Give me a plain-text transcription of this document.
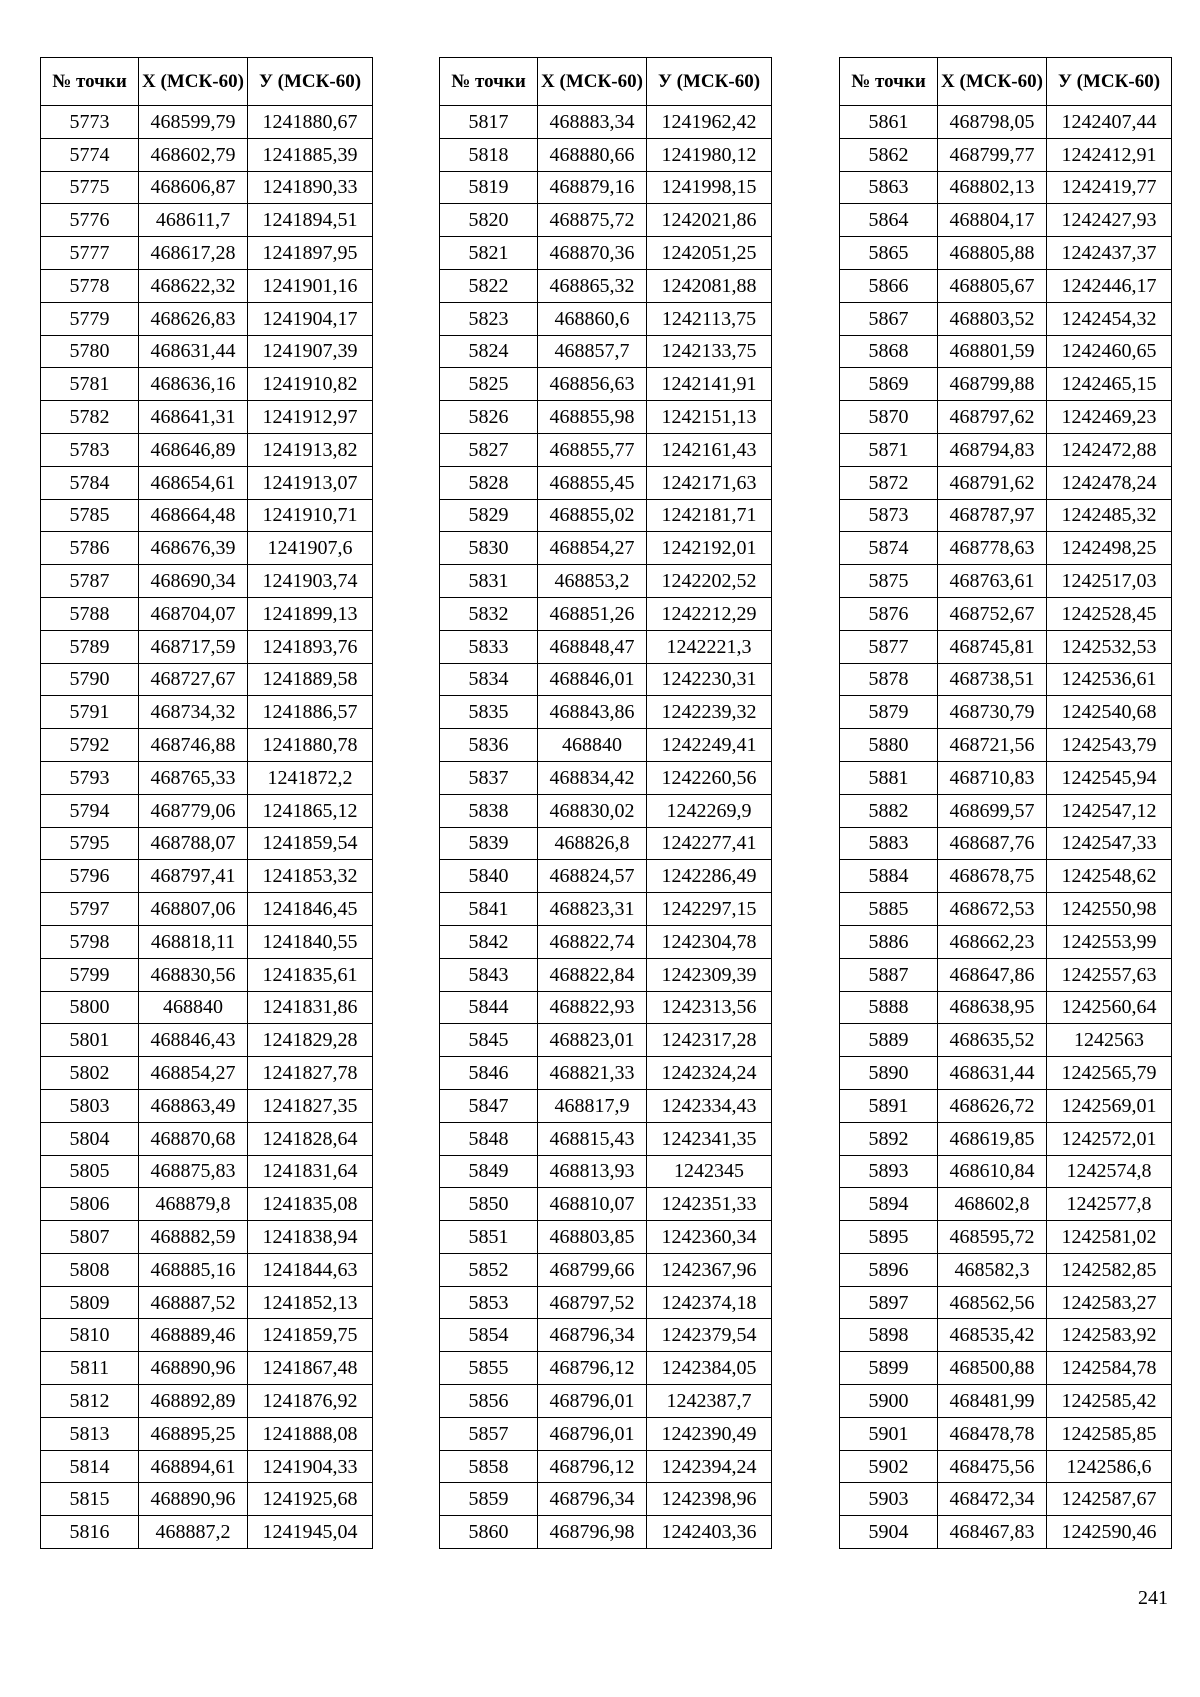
№ точки	Х (МСК-60)	У (МСК-60)
5773	468599,79	1241880,67
5774	468602,79	1241885,39
5775	468606,87	1241890,33
5776	468611,7	1241894,51
5777	468617,28	1241897,95
5778	468622,32	1241901,16
5779	468626,83	1241904,17
5780	468631,44	1241907,39
5781	468636,16	1241910,82
5782	468641,31	1241912,97
5783	468646,89	1241913,82
5784	468654,61	1241913,07
5785	468664,48	1241910,71
5786	468676,39	1241907,6
5787	468690,34	1241903,74
5788	468704,07	1241899,13
5789	468717,59	1241893,76
5790	468727,67	1241889,58
5791	468734,32	1241886,57
5792	468746,88	1241880,78
5793	468765,33	1241872,2
5794	468779,06	1241865,12
5795	468788,07	1241859,54
5796	468797,41	1241853,32
5797	468807,06	1241846,45
5798	468818,11	1241840,55
5799	468830,56	1241835,61
5800	468840	1241831,86
5801	468846,43	1241829,28
5802	468854,27	1241827,78
5803	468863,49	1241827,35
5804	468870,68	1241828,64
5805	468875,83	1241831,64
5806	468879,8	1241835,08
5807	468882,59	1241838,94
5808	468885,16	1241844,63
5809	468887,52	1241852,13
5810	468889,46	1241859,75
5811	468890,96	1241867,48
5812	468892,89	1241876,92
5813	468895,25	1241888,08
5814	468894,61	1241904,33
5815	468890,96	1241925,68
5816	468887,2	1241945,04
№ точки	Х (МСК-60)	У (МСК-60)
5817	468883,34	1241962,42
5818	468880,66	1241980,12
5819	468879,16	1241998,15
5820	468875,72	1242021,86
5821	468870,36	1242051,25
5822	468865,32	1242081,88
5823	468860,6	1242113,75
5824	468857,7	1242133,75
5825	468856,63	1242141,91
5826	468855,98	1242151,13
5827	468855,77	1242161,43
5828	468855,45	1242171,63
5829	468855,02	1242181,71
5830	468854,27	1242192,01
5831	468853,2	1242202,52
5832	468851,26	1242212,29
5833	468848,47	1242221,3
5834	468846,01	1242230,31
5835	468843,86	1242239,32
5836	468840	1242249,41
5837	468834,42	1242260,56
5838	468830,02	1242269,9
5839	468826,8	1242277,41
5840	468824,57	1242286,49
5841	468823,31	1242297,15
5842	468822,74	1242304,78
5843	468822,84	1242309,39
5844	468822,93	1242313,56
5845	468823,01	1242317,28
5846	468821,33	1242324,24
5847	468817,9	1242334,43
5848	468815,43	1242341,35
5849	468813,93	1242345
5850	468810,07	1242351,33
5851	468803,85	1242360,34
5852	468799,66	1242367,96
5853	468797,52	1242374,18
5854	468796,34	1242379,54
5855	468796,12	1242384,05
5856	468796,01	1242387,7
5857	468796,01	1242390,49
5858	468796,12	1242394,24
5859	468796,34	1242398,96
5860	468796,98	1242403,36
№ точки	Х (МСК-60)	У (МСК-60)
5861	468798,05	1242407,44
5862	468799,77	1242412,91
5863	468802,13	1242419,77
5864	468804,17	1242427,93
5865	468805,88	1242437,37
5866	468805,67	1242446,17
5867	468803,52	1242454,32
5868	468801,59	1242460,65
5869	468799,88	1242465,15
5870	468797,62	1242469,23
5871	468794,83	1242472,88
5872	468791,62	1242478,24
5873	468787,97	1242485,32
5874	468778,63	1242498,25
5875	468763,61	1242517,03
5876	468752,67	1242528,45
5877	468745,81	1242532,53
5878	468738,51	1242536,61
5879	468730,79	1242540,68
5880	468721,56	1242543,79
5881	468710,83	1242545,94
5882	468699,57	1242547,12
5883	468687,76	1242547,33
5884	468678,75	1242548,62
5885	468672,53	1242550,98
5886	468662,23	1242553,99
5887	468647,86	1242557,63
5888	468638,95	1242560,64
5889	468635,52	1242563
5890	468631,44	1242565,79
5891	468626,72	1242569,01
5892	468619,85	1242572,01
5893	468610,84	1242574,8
5894	468602,8	1242577,8
5895	468595,72	1242581,02
5896	468582,3	1242582,85
5897	468562,56	1242583,27
5898	468535,42	1242583,92
5899	468500,88	1242584,78
5900	468481,99	1242585,42
5901	468478,78	1242585,85
5902	468475,56	1242586,6
5903	468472,34	1242587,67
5904	468467,83	1242590,46
241
